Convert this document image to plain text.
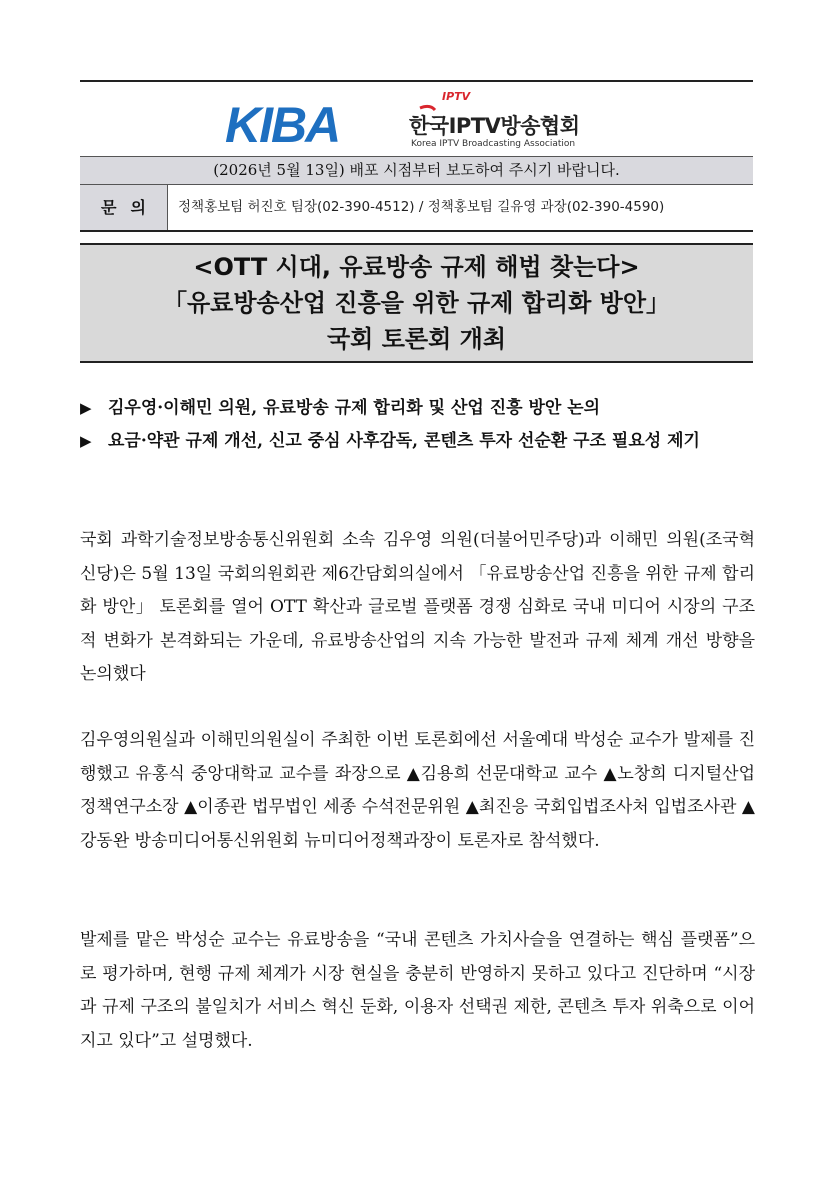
KIBA
IPTV
한국IPTV방송협회
Korea IPTV Broadcasting Association
(2026년 5월 13일) 배포 시점부터 보도하여 주시기 바랍니다.
문의	정책홍보팀 허진호 팀장(02-390-4512) / 정책홍보팀 길유영 과장(02-390-4590)
<OTT 시대, 유료방송 규제 해법 찾는다>
「유료방송산업 진흥을 위한 규제 합리화 방안」
국회 토론회 개최
▶ 김우영·이해민 의원, 유료방송 규제 합리화 및 산업 진흥 방안 논의
▶ 요금·약관 규제 개선, 신고 중심 사후감독, 콘텐츠 투자 선순환 구조 필요성 제기
국회 과학기술정보방송통신위원회 소속 김우영 의원(더불어민주당)과 이해민 의원(조국혁신당)은 5월 13일 국회의원회관 제6간담회의실에서 「유료방송산업 진흥을 위한 규제 합리화 방안」 토론회를 열어 OTT 확산과 글로벌 플랫폼 경쟁 심화로 국내 미디어 시장의 구조적 변화가 본격화되는 가운데, 유료방송산업의 지속 가능한 발전과 규제 체계 개선 방향을 논의했다
김우영의원실과 이해민의원실이 주최한 이번 토론회에선 서울예대 박성순 교수가 발제를 진행했고 유홍식 중앙대학교 교수를 좌장으로 ▲김용희 선문대학교 교수 ▲노창희 디지털산업정책연구소장 ▲이종관 법무법인 세종 수석전문위원 ▲최진응 국회입법조사처 입법조사관 ▲강동완 방송미디어통신위원회 뉴미디어정책과장이 토론자로 참석했다.
발제를 맡은 박성순 교수는 유료방송을 “국내 콘텐츠 가치사슬을 연결하는 핵심 플랫폼”으로 평가하며, 현행 규제 체계가 시장 현실을 충분히 반영하지 못하고 있다고 진단하며 “시장과 규제 구조의 불일치가 서비스 혁신 둔화, 이용자 선택권 제한, 콘텐츠 투자 위축으로 이어지고 있다”고 설명했다.
